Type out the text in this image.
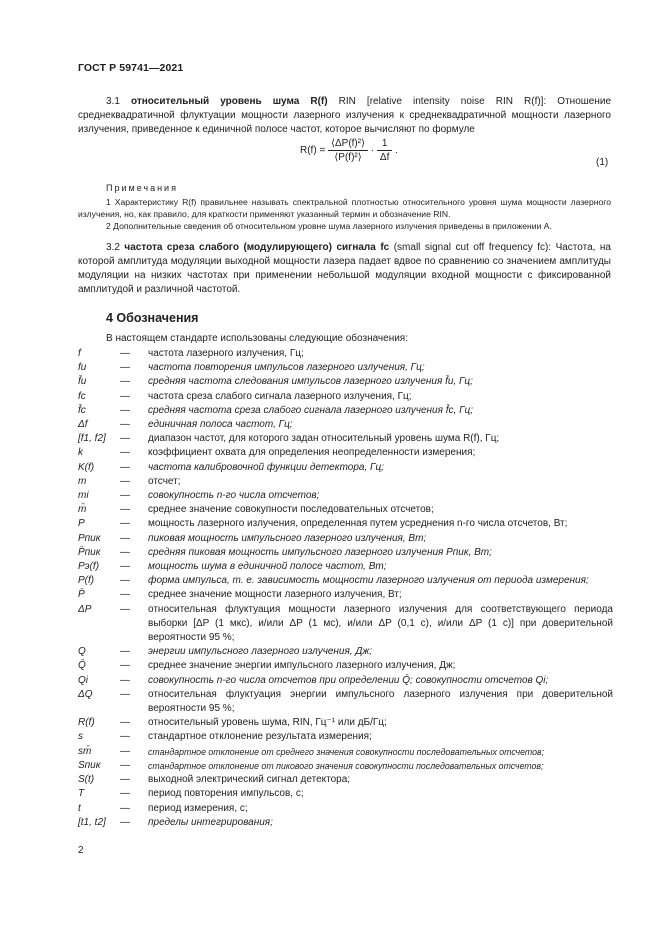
ГОСТ Р 59741—2021
3.1 относительный уровень шума R(f) RIN [relative intensity noise RIN R(f)]: Отношение среднеквадратичной флуктуации мощности лазерного излучения к среднеквадратичной мощности лазерного излучения, приведенное к единичной полосе частот, которое вычисляют по формуле
$R(f) = \frac{\text{⟨ΔP(f)²⟩}}{\text{⟨P(f)²⟩}} \cdot \frac{1}{\Delta f}$ .
(1)
Примечания
1 Характеристику R(f) правильнее называть спектральной плотностью относительного уровня шума мощности лазерного излучения, но, как правило, для краткости применяют указанный термин и обозначение RIN.
2 Дополнительные сведения об относительном уровне шума лазерного излучения приведены в приложении А.
3.2 частота среза слабого (модулирующего) сигнала fc (small signal cut off frequency fc): Частота, на которой амплитуда модуляции выходной мощности лазера падает вдвое по сравнению со значением амплитуды модуляции на низких частотах при применении небольшой модуляции входной мощности с фиксированной амплитудой и различной частотой.
4 Обозначения
В настоящем стандарте использованы следующие обозначения:
f	—	частота лазерного излучения, Гц;
fи	—	частота повторения импульсов лазерного излучения, Гц;
f̄и	—	средняя частота следования импульсов лазерного излучения f̄и, Гц;
fc	—	частота среза слабого сигнала лазерного излучения, Гц;
f̄c	—	средняя частота среза слабого сигнала лазерного излучения f̄c, Гц;
Δf	—	единичная полоса частот, Гц;
[f1, f2]	—	диапазон частот, для которого задан относительный уровень шума R(f), Гц;
k	—	коэффициент охвата для определения неопределенности измерения;
K(f)	—	частота калибровочной функции детектора, Гц;
m	—	отсчет;
mi	—	совокупность n-го числа отсчетов;
m̄	—	среднее значение совокупности последовательных отсчетов;
P	—	мощность лазерного излучения, определенная путем усреднения n-го числа отсчетов, Вт;
Pпик	—	пиковая мощность импульсного лазерного излучения, Вт;
P̄пик	—	средняя пиковая мощность импульсного лазерного излучения Pпик, Вт;
Pэ(f)	—	мощность шума в единичной полосе частот, Вт;
P(f)	—	форма импульса, т. е. зависимость мощности лазерного излучения от периода измерения;
P̄	—	среднее значение мощности лазерного излучения, Вт;
ΔP	—	относительная флуктуация мощности лазерного излучения для соответствующего периода выборки [ΔP (1 мкс), и/или ΔP (1 мс), и/или ΔP (0,1 с), и/или ΔP (1 с)] при доверительной вероятности 95 %;
Q	—	энергии импульсного лазерного излучения, Дж;
Q̄	—	среднее значение энергии импульсного лазерного излучения, Дж;
Qi	—	совокупность n-го числа отсчетов при определении Q̄; совокупности отсчетов Qi;
ΔQ	—	относительная флуктуация энергии импульсного лазерного излучения при доверительной вероятности 95 %;
R(f)	—	относительный уровень шума, RIN, Гц⁻¹ или дБ/Гц;
s	—	стандартное отклонение результата измерения;
sm̄	—	стандартное отклонение от среднего значения совокупности последовательных отсчетов;
Sпик	—	стандартное отклонение от пикового значения совокупности последовательных отсчетов;
S(t)	—	выходной электрический сигнал детектора;
T	—	период повторения импульсов, с;
t	—	период измерения, с;
[t1, t2]	—	пределы интегрирования;
2
